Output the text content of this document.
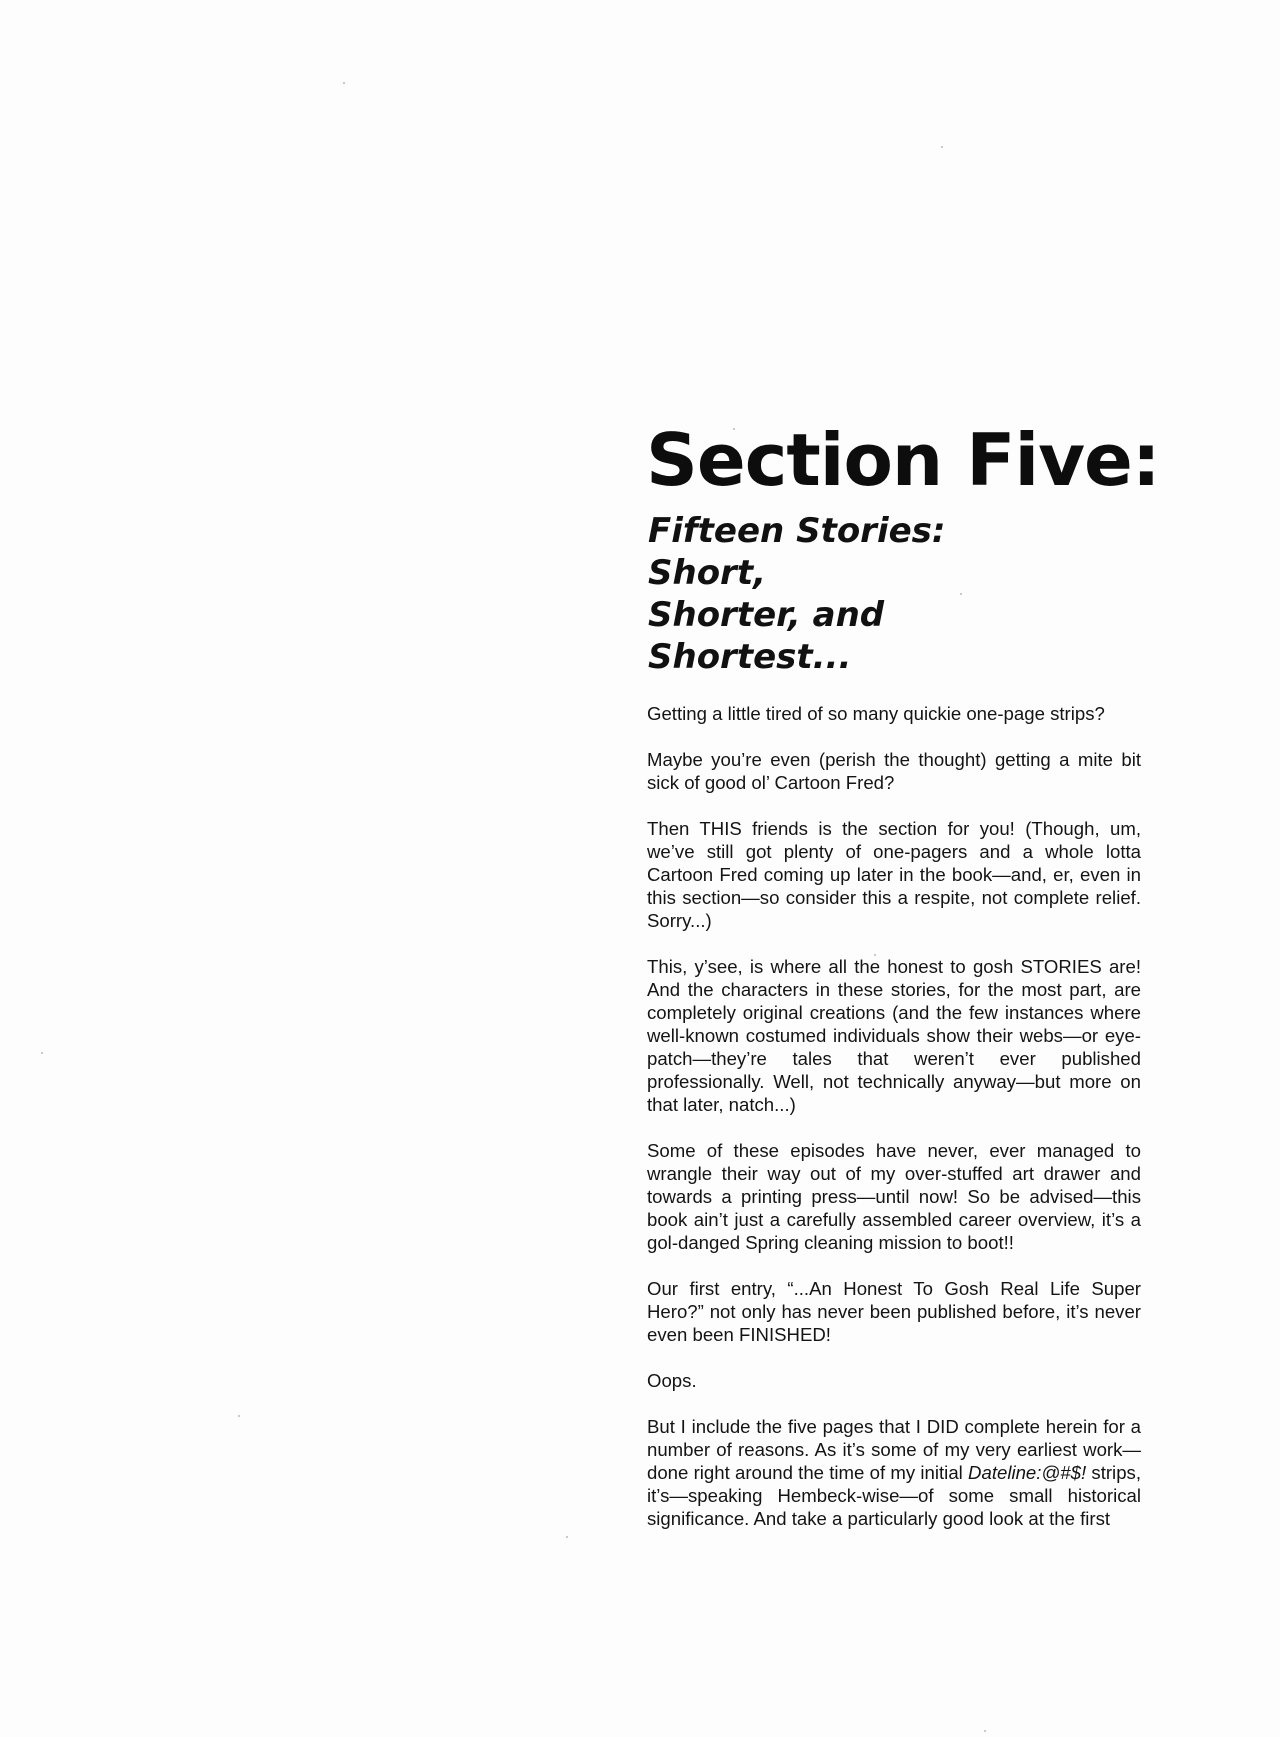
Section Five:
Fifteen Stories: Short,
Shorter, and Shortest...

Getting a little tired of so many quickie one-page strips?

Maybe you’re even (perish the thought) getting a mite bit sick of good ol’ Cartoon Fred?

Then THIS friends is the section for you! (Though, um, we’ve still got plenty of one-pagers and a whole lotta Cartoon Fred coming up later in the book—and, er, even in this section—so consider this a respite, not complete relief. Sorry...)

This, y’see, is where all the honest to gosh STORIES are! And the characters in these stories, for the most part, are completely original creations (and the few instances where well-known costumed individuals show their webs—or eye-patch—they’re tales that weren’t ever published professionally. Well, not technically anyway—but more on that later, natch...)

Some of these episodes have never, ever managed to wrangle their way out of my over-stuffed art drawer and towards a printing press—until now! So be advised—this book ain’t just a carefully assembled career overview, it’s a gol-danged Spring cleaning mission to boot!!

Our first entry, “...An Honest To Gosh Real Life Super Hero?” not only has never been published before, it’s never even been FINISHED!

Oops.

But I include the five pages that I DID complete herein for a number of reasons. As it’s some of my very earliest work—done right around the time of my initial Dateline:@#$! strips, it’s—speaking Hembeck-wise—of some small historical significance. And take a particularly good look at the first
